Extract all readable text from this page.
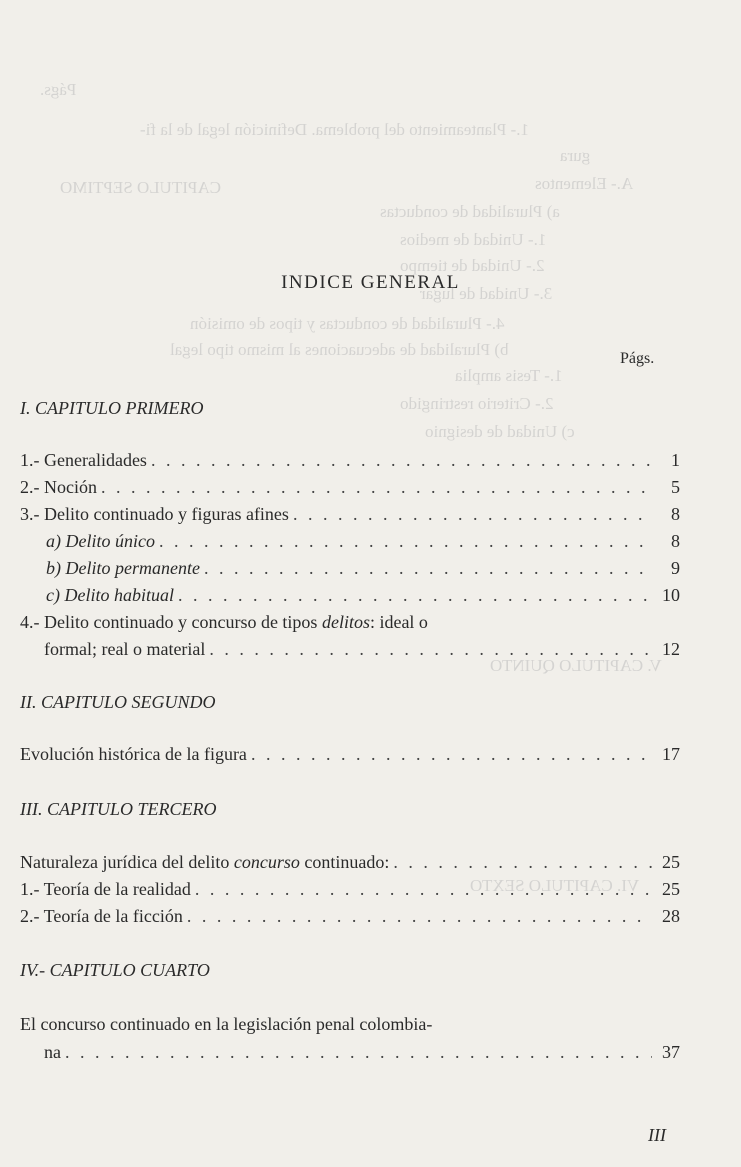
1.- Planteamiento del problema. Definición legal de la fi-
gura
A.- Elementos
a) Pluralidad de conductas
1.- Unidad de medios
2.- Unidad de tiempo
3.- Unidad de lugar
4.- Pluralidad de conductas y tipos de omisión
b) Pluralidad de adecuaciones al mismo tipo legal
1.- Tesis amplia
2.- Criterio restringido
c) Unidad de designio
V. CAPITULO QUINTO
VI. CAPITULO SEXTO
CAPITULO SEPTIMO
Págs.
INDICE GENERAL
Págs.
I. CAPITULO PRIMERO
1.- Generalidades . . .	1
2.- Noción . . .	5
3.- Delito continuado y figuras afines . . .	8
a) Delito único . . .	8
b) Delito permanente . . .	9
c) Delito habitual . . .	10
4.- Delito continuado y concurso de tipos delitos: ideal o
formal; real o material . . .	12
II. CAPITULO SEGUNDO
Evolución histórica de la figura . . .	17
III. CAPITULO TERCERO
Naturaleza jurídica del delito concurso continuado: . . .	25
1.- Teoría de la realidad . . .	25
2.- Teoría de la ficción . . .	28
IV.- CAPITULO CUARTO
El concurso continuado en la legislación penal colombia-
na . . .	37
III
